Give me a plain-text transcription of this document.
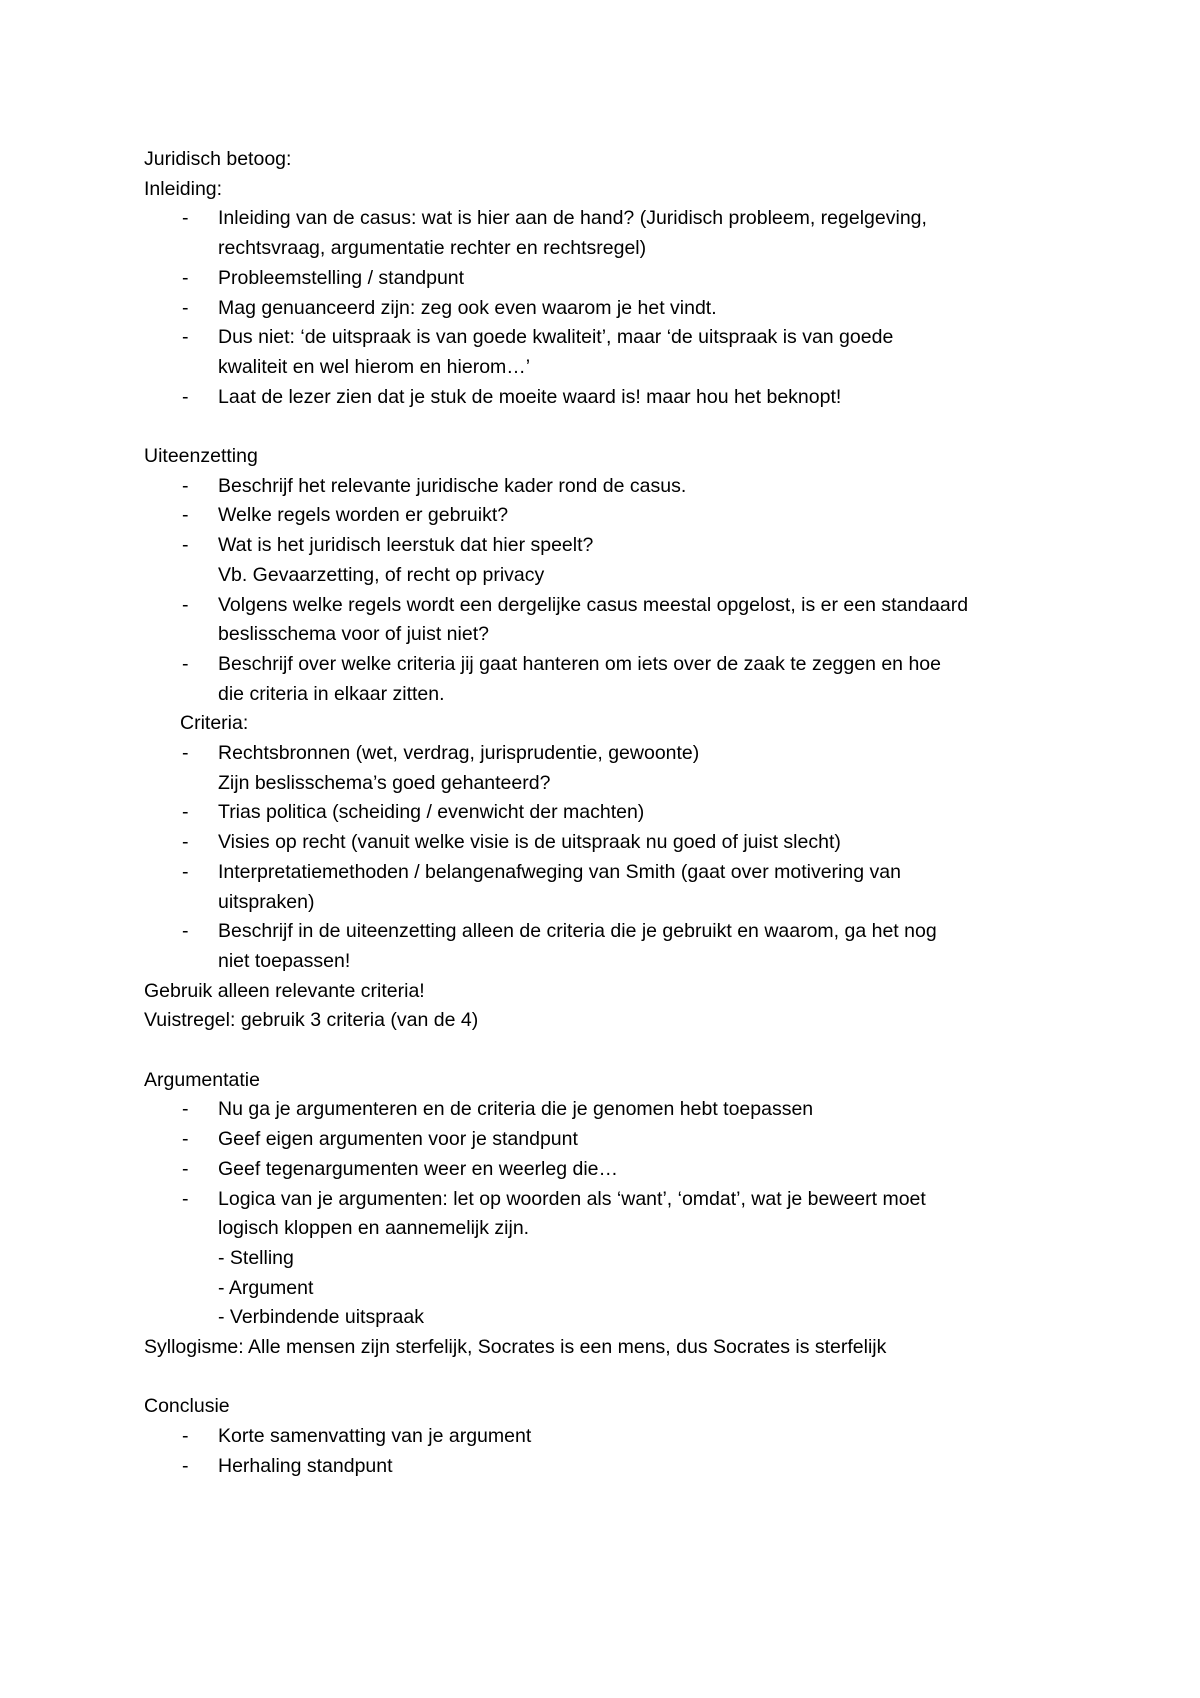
Juridisch betoog:

Inleiding:

- Inleiding van de casus: wat is hier aan de hand? (Juridisch probleem, regelgeving,
rechtsvraag, argumentatie rechter en rechtsregel)
- Probleemstelling / standpunt
- Mag genuanceerd zijn: zeg ook even waarom je het vindt.
- Dus niet: ‘de uitspraak is van goede kwaliteit’, maar ‘de uitspraak is van goede
kwaliteit en wel hierom en hierom…’
- Laat de lezer zien dat je stuk de moeite waard is! maar hou het beknopt!

Uiteenzetting

- Beschrijf het relevante juridische kader rond de casus.
- Welke regels worden er gebruikt?
- Wat is het juridisch leerstuk dat hier speelt?
Vb. Gevaarzetting, of recht op privacy
- Volgens welke regels wordt een dergelijke casus meestal opgelost, is er een standaard
beslisschema voor of juist niet?
- Beschrijf over welke criteria jij gaat hanteren om iets over de zaak te zeggen en hoe
die criteria in elkaar zitten.

Criteria:

- Rechtsbronnen (wet, verdrag, jurisprudentie, gewoonte)
Zijn beslisschema’s goed gehanteerd?
- Trias politica (scheiding / evenwicht der machten)
- Visies op recht (vanuit welke visie is de uitspraak nu goed of juist slecht)
- Interpretatiemethoden / belangenafweging van Smith (gaat over motivering van
uitspraken)
- Beschrijf in de uiteenzetting alleen de criteria die je gebruikt en waarom, ga het nog
niet toepassen!

Gebruik alleen relevante criteria!

Vuistregel: gebruik 3 criteria (van de 4)

Argumentatie

- Nu ga je argumenteren en de criteria die je genomen hebt toepassen
- Geef eigen argumenten voor je standpunt
- Geef tegenargumenten weer en weerleg die…
- Logica van je argumenten: let op woorden als ‘want’, ‘omdat’, wat je beweert moet
logisch kloppen en aannemelijk zijn.
- Stelling
- Argument
- Verbindende uitspraak

Syllogisme: Alle mensen zijn sterfelijk, Socrates is een mens, dus Socrates is sterfelijk

Conclusie

- Korte samenvatting van je argument
- Herhaling standpunt
